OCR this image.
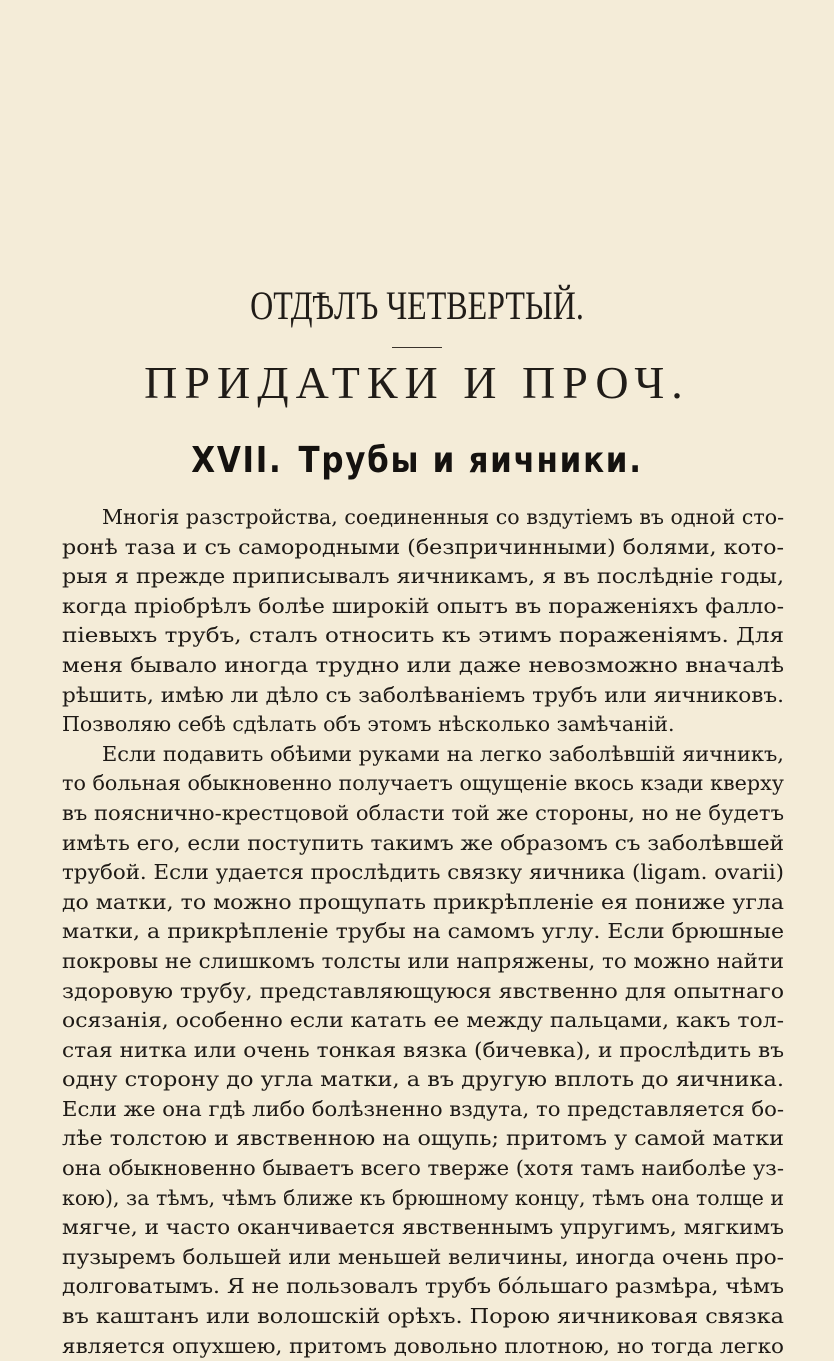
ОТДѢЛЪ ЧЕТВЕРТЫЙ.
ПРИДАТКИ И ПРОЧ.
XVII. Трубы и яичники.
Многія разстройства, соединенныя со вздутіемъ въ одной сто-
ронѣ таза и съ самородными (безпричинными) болями, кото-
рыя я прежде приписывалъ яичникамъ, я въ послѣдніе годы,
когда пріобрѣлъ болѣе широкій опытъ въ пораженіяхъ фалло-
піевыхъ трубъ, сталъ относить къ этимъ пораженіямъ. Для
меня бывало иногда трудно или даже невозможно вначалѣ
рѣшить, имѣю ли дѣло съ заболѣваніемъ трубъ или яичниковъ.
Позволяю себѣ сдѣлать объ этомъ нѣсколько замѣчаній.
Если подавить обѣими руками на легко заболѣвшій яичникъ,
то больная обыкновенно получаетъ ощущеніе вкось кзади кверху
въ пояснично-крестцовой области той же стороны, но не будетъ
имѣть его, если поступить такимъ же образомъ съ заболѣвшей
трубой. Если удается прослѣдить связку яичника (ligam. ovarii)
до матки, то можно прощупать прикрѣпленіе ея пониже угла
матки, а прикрѣпленіе трубы на самомъ углу. Если брюшные
покровы не слишкомъ толсты или напряжены, то можно найти
здоровую трубу, представляющуюся явственно для опытнаго
осязанія, особенно если катать ее между пальцами, какъ тол-
стая нитка или очень тонкая вязка (бичевка), и прослѣдить въ
одну сторону до угла матки, а въ другую вплоть до яичника.
Если же она гдѣ либо болѣзненно вздута, то представляется бо-
лѣе толстою и явственною на ощупь; притомъ у самой матки
она обыкновенно бываетъ всего тверже (хотя тамъ наиболѣе уз-
кою), за тѣмъ, чѣмъ ближе къ брюшному концу, тѣмъ она толще и
мягче, и часто оканчивается явственнымъ упругимъ, мягкимъ
пузыремъ большей или меньшей величины, иногда очень про-
долговатымъ. Я не пользовалъ трубъ бóльшаго размѣра, чѣмъ
въ каштанъ или волошскій орѣхъ. Порою яичниковая связка
является опухшею, притомъ довольно плотною, но тогда легко
